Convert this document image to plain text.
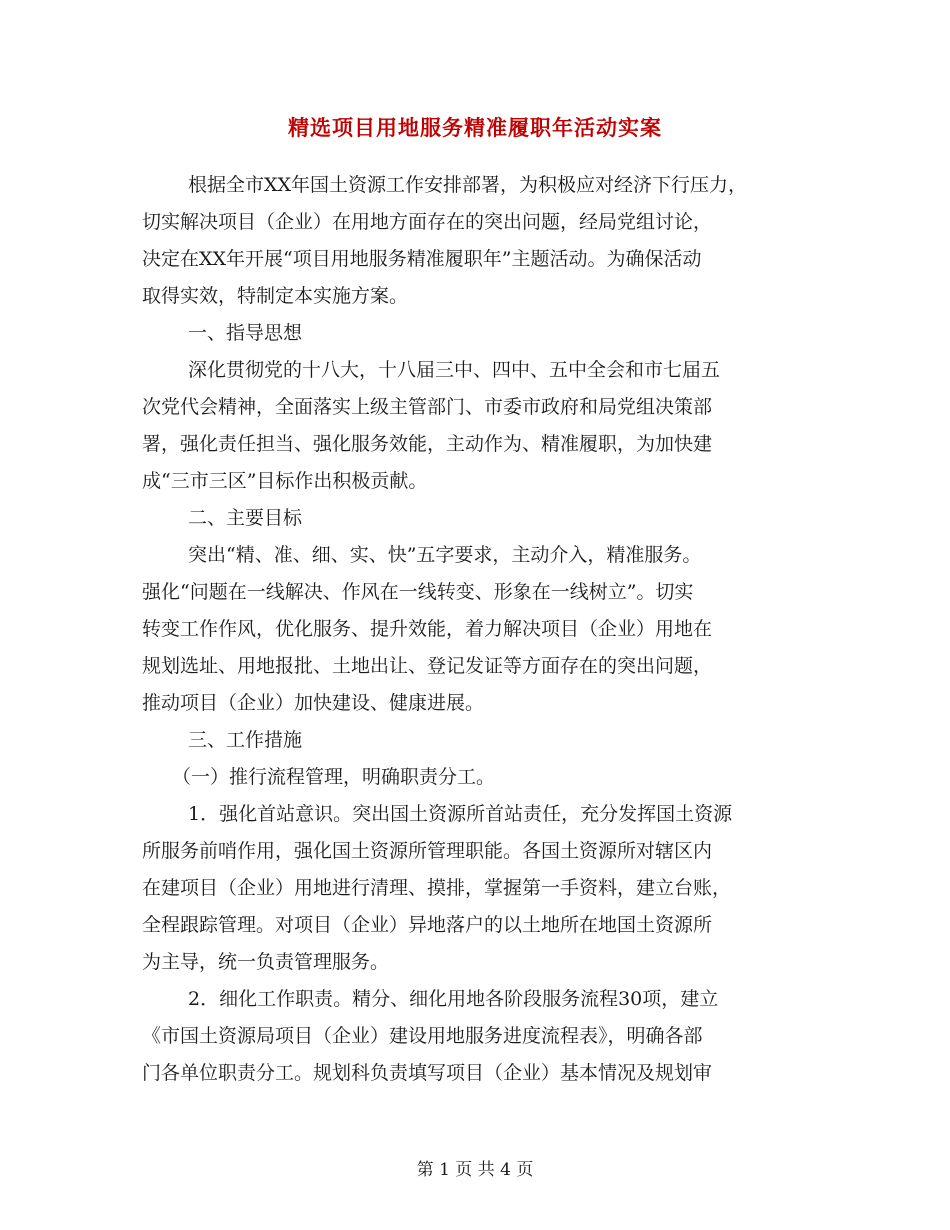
精选项目用地服务精准履职年活动实案
根据全市XX年国土资源工作安排部署，为积极应对经济下行压力，
切实解决项目（企业）在用地方面存在的突出问题，经局党组讨论，
决定在XX年开展“项目用地服务精准履职年”主题活动。为确保活动
取得实效，特制定本实施方案。
一、指导思想
深化贯彻党的十八大，十八届三中、四中、五中全会和市七届五
次党代会精神，全面落实上级主管部门、市委市政府和局党组决策部
署，强化责任担当、强化服务效能，主动作为、精准履职，为加快建
成“三市三区”目标作出积极贡献。
二、主要目标
突出“精、准、细、实、快”五字要求，主动介入，精准服务。
强化“问题在一线解决、作风在一线转变、形象在一线树立”。切实
转变工作作风，优化服务、提升效能，着力解决项目（企业）用地在
规划选址、用地报批、土地出让、登记发证等方面存在的突出问题，
推动项目（企业）加快建设、健康进展。
三、工作措施
（一）推行流程管理，明确职责分工。
1．强化首站意识。突出国土资源所首站责任，充分发挥国土资源
所服务前哨作用，强化国土资源所管理职能。各国土资源所对辖区内
在建项目（企业）用地进行清理、摸排，掌握第一手资料，建立台账，
全程跟踪管理。对项目（企业）异地落户的以土地所在地国土资源所
为主导，统一负责管理服务。
2．细化工作职责。精分、细化用地各阶段服务流程30项，建立
《市国土资源局项目（企业）建设用地服务进度流程表》，明确各部
门各单位职责分工。规划科负责填写项目（企业）基本情况及规划审
第 1 页 共 4 页
